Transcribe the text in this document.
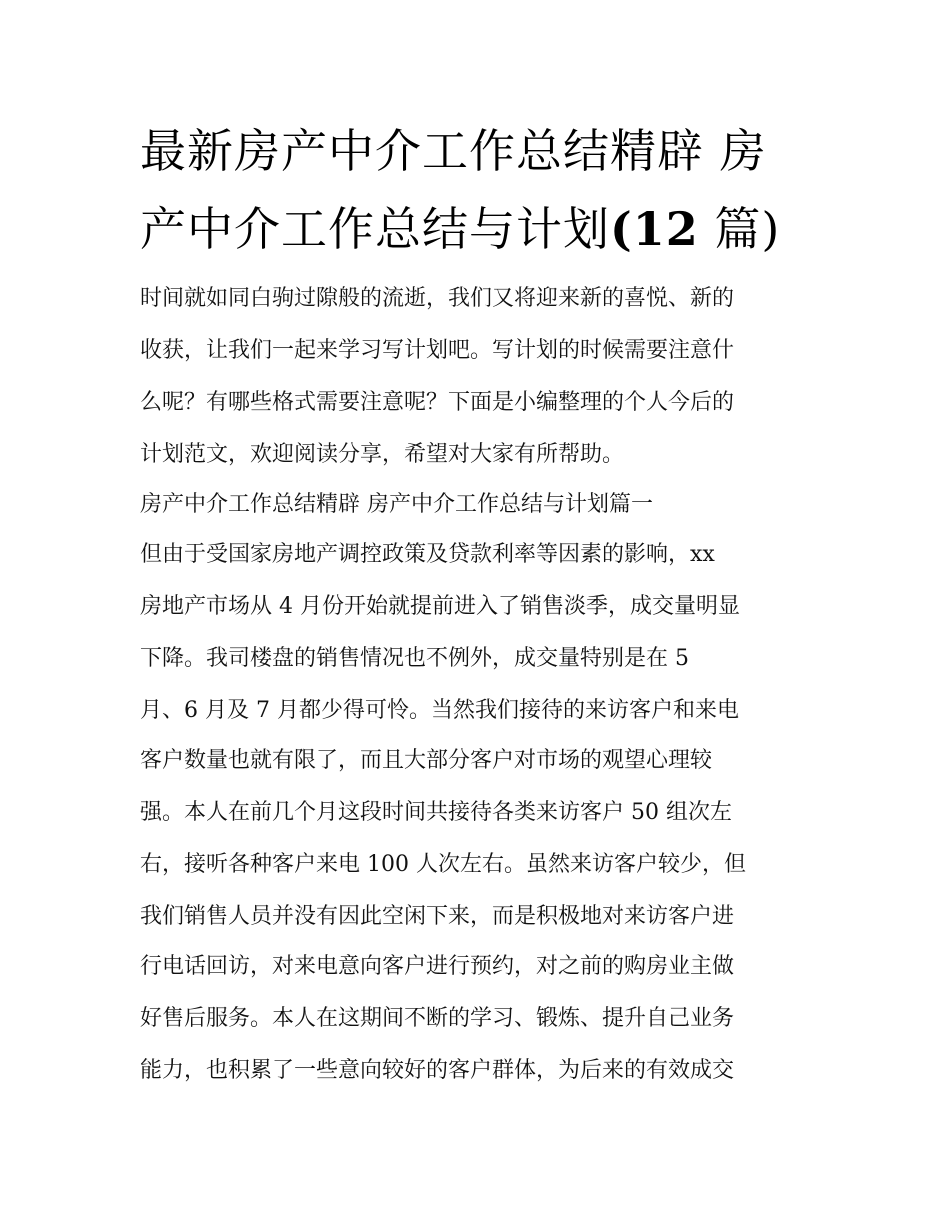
最新房产中介工作总结精辟 房
产中介工作总结与计划(12 篇)

时间就如同白驹过隙般的流逝，我们又将迎来新的喜悦、新的

收获，让我们一起来学习写计划吧。写计划的时候需要注意什

么呢？有哪些格式需要注意呢？下面是小编整理的个人今后的

计划范文，欢迎阅读分享，希望对大家有所帮助。

房产中介工作总结精辟 房产中介工作总结与计划篇一

但由于受国家房地产调控政策及贷款利率等因素的影响，xx

房地产市场从 4 月份开始就提前进入了销售淡季，成交量明显

下降。我司楼盘的销售情况也不例外，成交量特别是在 5

月、6 月及 7 月都少得可怜。当然我们接待的来访客户和来电

客户数量也就有限了，而且大部分客户对市场的观望心理较

强。本人在前几个月这段时间共接待各类来访客户 50 组次左

右，接听各种客户来电 100 人次左右。虽然来访客户较少，但

我们销售人员并没有因此空闲下来，而是积极地对来访客户进

行电话回访，对来电意向客户进行预约，对之前的购房业主做

好售后服务。本人在这期间不断的学习、锻炼、提升自己业务

能力，也积累了一些意向较好的客户群体，为后来的有效成交
